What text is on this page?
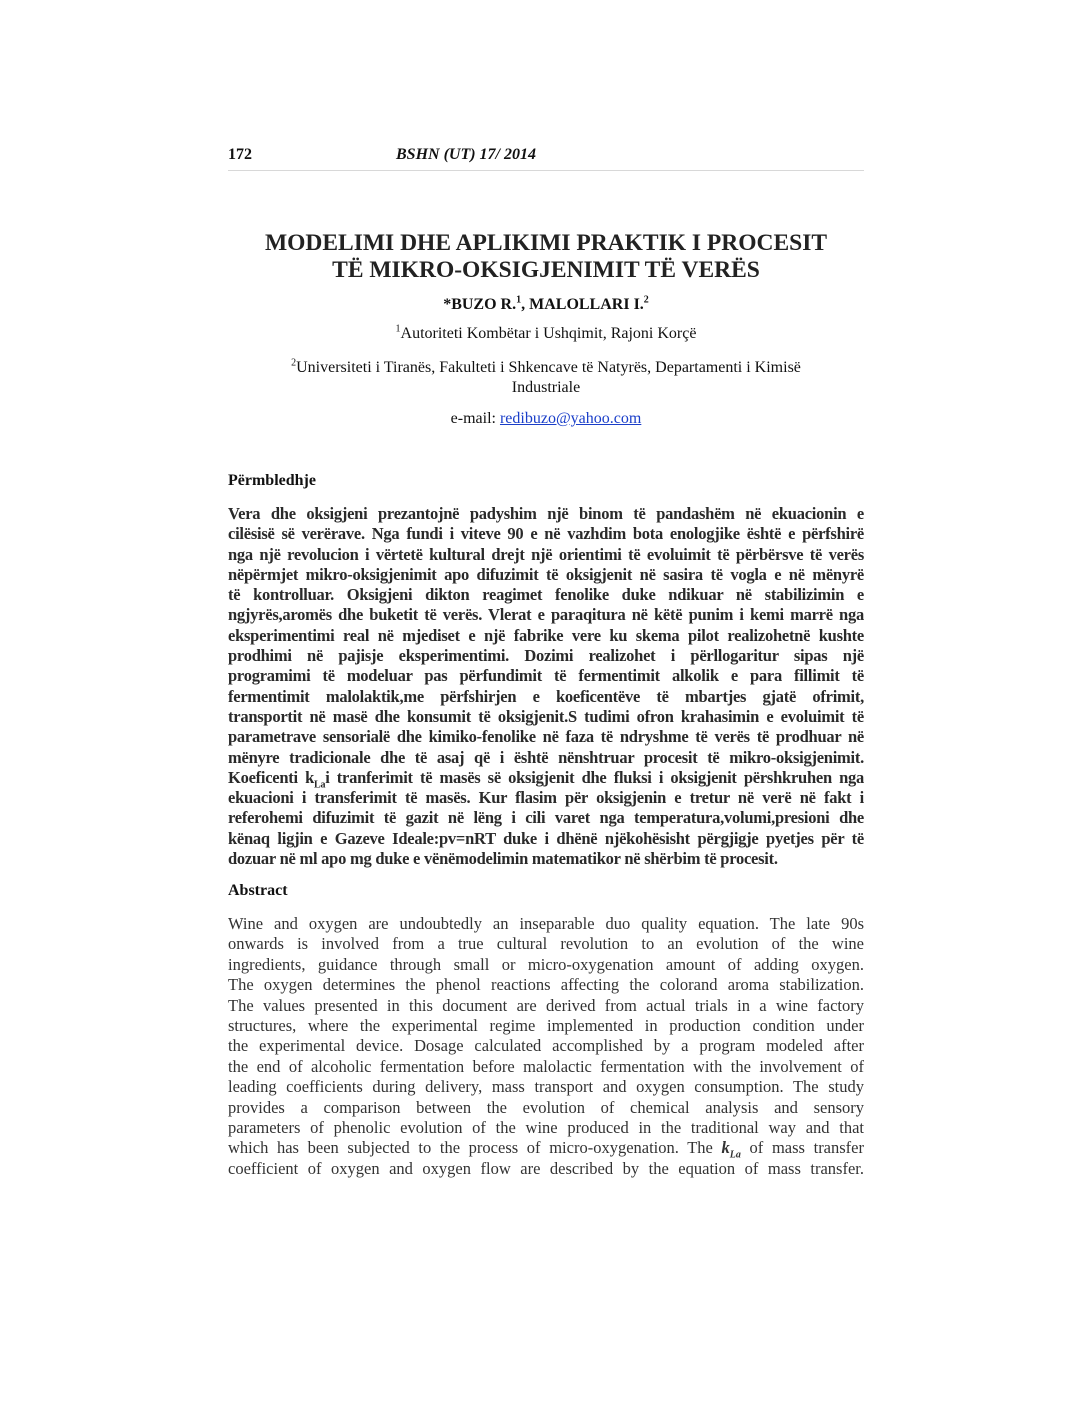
172	BSHN (UT) 17/ 2014
MODELIMI DHE APLIKIMI PRAKTIK I PROCESIT
TË MIKRO-OKSIGJENIMIT TË VERËS
*BUZO R.$^1$, MALOLLARI I.$^2$
$^1$Autoriteti Kombëtar i Ushqimit, Rajoni Korçë
$^2$Universiteti i Tiranës, Fakulteti i Shkencave të Natyrës, Departamenti i Kimisë
Industriale
e-mail: redibuzo@yahoo.com
Përmbledhje
Vera dhe oksigjeni prezantojnë padyshim një binom të pandashëm në ekuacionin e
cilësisë së verërave. Nga fundi i viteve 90 e në vazhdim bota enologjike është e përfshirë
nga një revolucion i vërtetë kultural drejt një orientimi të evoluimit të përbërsve të verës
nëpërmjet mikro-oksigjenimit apo difuzimit të oksigjenit në sasira të vogla e në mënyrë
të kontrolluar. Oksigjeni dikton reagimet fenolike duke ndikuar në stabilizimin e
ngjyrës,aromës dhe buketit të verës. Vlerat e paraqitura në këtë punim i kemi marrë nga
eksperimentimi real në mjediset e një fabrike vere ku skema pilot realizohetnë kushte
prodhimi në pajisje eksperimentimi. Dozimi realizohet i përllogaritur sipas një
programimi të modeluar pas përfundimit të fermentimit alkolik e para fillimit të
fermentimit malolaktik,me përfshirjen e koeficentëve të mbartjes gjatë ofrimit,
transportit në masë dhe konsumit të oksigjenit.S tudimi ofron krahasimin e evoluimit të
parametrave sensorialë dhe kimiko-fenolike në faza të ndryshme të verës të prodhuar në
mënyre tradicionale dhe të asaj që i është nënshtruar procesit të mikro-oksigjenimit.
Koeficenti $k_{La}i$ tranferimit të masës së oksigjenit dhe fluksi i oksigjenit përshkruhen nga
ekuacioni i transferimit të masës. Kur flasim për oksigjenin e tretur në verë në fakt i
referohemi difuzimit të gazit në lëng i cili varet nga temperatura,volumi,presioni dhe
kënaq ligjin e Gazeve Ideale:pv=nRT duke i dhënë njëkohësisht përgjigje pyetjes për të
dozuar në ml apo mg duke e vënëmodelimin matematikor në shërbim të procesit.
Abstract
Wine and oxygen are undoubtedly an inseparable duo quality equation. The late 90s
onwards is involved from a true cultural revolution to an evolution of the wine
ingredients, guidance through small or micro-oxygenation amount of adding oxygen.
The oxygen determines the phenol reactions affecting the colorand aroma stabilization.
The values presented in this document are derived from actual trials in a wine factory
structures, where the experimental regime implemented in production condition under
the experimental device. Dosage calculated accomplished by a program modeled after
the end of alcoholic fermentation before malolactic fermentation with the involvement of
leading coefficients during delivery, mass transport and oxygen consumption. The study
provides a comparison between the evolution of chemical analysis and sensory
parameters of phenolic evolution of the wine produced in the traditional way and that
which has been subjected to the process of micro-oxygenation. The $k_{La}$ of mass transfer
coefficient of oxygen and oxygen flow are described by the equation of mass transfer.
